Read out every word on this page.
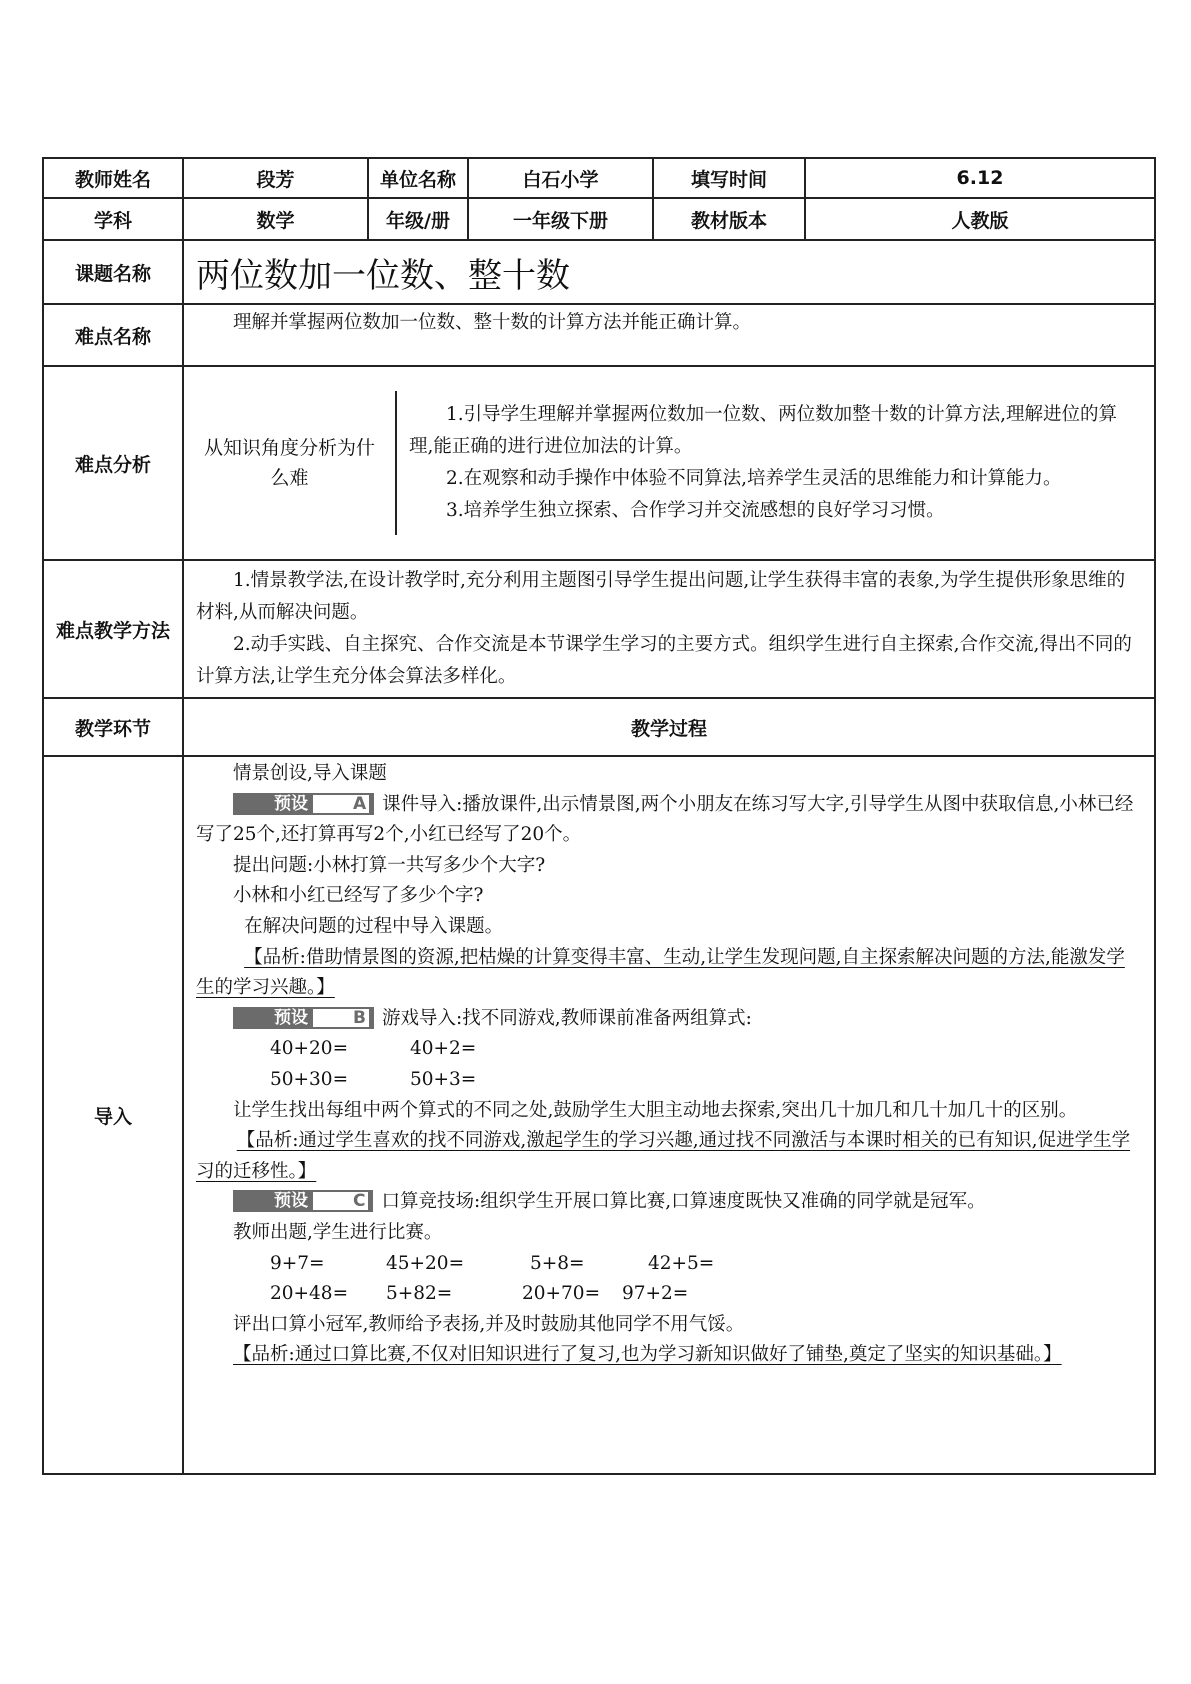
教师姓名	段芳	单位名称	白石小学	填写时间	6.12
学科	数学	年级/册	一年级下册	教材版本	人教版
课题名称	两位数加一位数、整十数
难点名称	

理解并掌握两位数加一位数、整十数的计算方法并能正确计算。

难点分析	
从知识角度分析为什么难	

1.引导学生理解并掌握两位数加一位数、两位数加整十数的计算方法,理解进位的算理,能正确的进行进位加法的计算。

2.在观察和动手操作中体验不同算法,培养学生灵活的思维能力和计算能力。

3.培养学生独立探索、合作学习并交流感想的良好学习习惯。

难点教学方法	

1.情景教学法,在设计教学时,充分利用主题图引导学生提出问题,让学生获得丰富的表象,为学生提供形象思维的材料,从而解决问题。

2.动手实践、自主探究、合作交流是本节课学生学习的主要方式。组织学生进行自主探索,合作交流,得出不同的计算方法,让学生充分体会算法多样化。

教学环节	教学过程
导入	

情景创设,导入课题

预设	A 课件导入:播放课件,出示情景图,两个小朋友在练习写大字,引导学生从图中获取信息,小林已经写了25个,还打算再写2个,小红已经写了20个。

提出问题:小林打算一共写多少个大字?

小林和小红已经写了多少个字?

在解决问题的过程中导入课题。

【品析:借助情景图的资源,把枯燥的计算变得丰富、生动,让学生发现问题,自主探索解决问题的方法,能激发学生的学习兴趣。】

预设	B 游戏导入:找不同游戏,教师课前准备两组算式:

40+20=	40+2=

50+30=	50+3=

让学生找出每组中两个算式的不同之处,鼓励学生大胆主动地去探索,突出几十加几和几十加几十的区别。

【品析:通过学生喜欢的找不同游戏,激起学生的学习兴趣,通过找不同激活与本课时相关的已有知识,促进学生学习的迁移性。】

预设	C 口算竞技场:组织学生开展口算比赛,口算速度既快又准确的同学就是冠军。

教师出题,学生进行比赛。

9+7=	45+20=	5+8=	42+5=

20+48= 5+82=	20+70= 97+2=

评出口算小冠军,教师给予表扬,并及时鼓励其他同学不用气馁。

【品析:通过口算比赛,不仅对旧知识进行了复习,也为学习新知识做好了铺垫,奠定了坚实的知识基础。】
